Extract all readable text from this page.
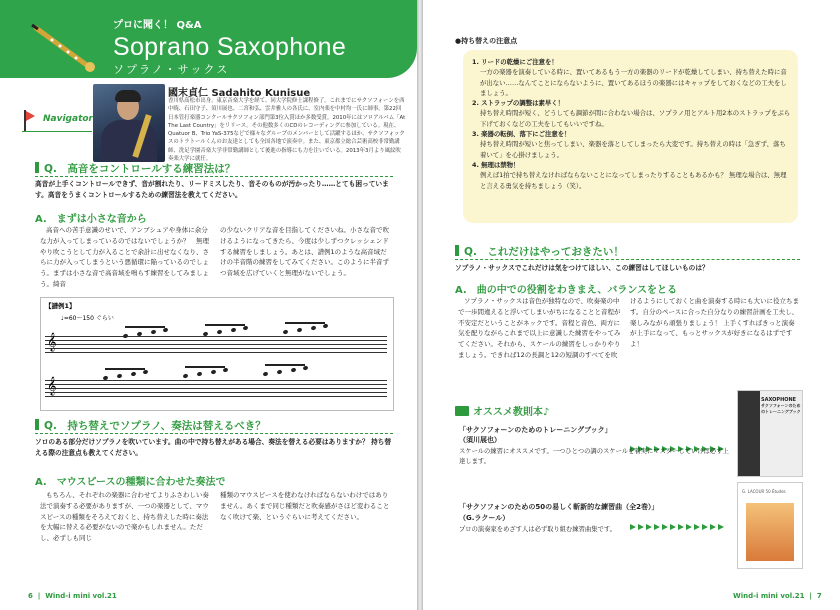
プロに聞く！ Q&A
Soprano Saxophone
ソプラノ・サックス
Navigator
國末貞仁 Sadahito Kunisue
香川県高松市出身。東京音楽大学を経て、同大学院修士課程修了。これまでにサクソフォーンを西中暁、石田守子、須川展也、二宮和弘、雲井雅人の各氏に、室内楽を中村均一氏に師事。第22回日本管打楽器コンクールサクソフォン部門第3位入賞ほか多数受賞。2010年にはソロアルバム「At The Last Country」をリリース。その他数多くのCDのレコーディングに参加している。現在、Quatuor B、Trio YaS-375などで様々なグループのメンバーとして活躍するほか、サクソフォックスのトラトールくんのお友達としても全国各地で演奏中。また、東京都立総合芸術高校非常勤講師、洗足学園音楽大学非常勤講師として後進の指導にも力を注いでいる。2013年3月より風紋吹奏楽大学に就任。
Q.　高音をコントロールする練習法は？
高音が上手くコントロールできず、音が割れたり、リードミスしたり、音そのものが汚かったり……とても困っています。高音をうまくコントロールするための練習法を教えてください。
A.　まずは小さな音から
高音への苦手意識のせいで、アンブシュアや身体に余分な力が入ってしまっているのではないでしょうか？　無理やり吹こうとして力が入ることで余計に出せなくなり、さらに力が入ってしまうという悪循環に陥っているのでしょう。まずは小さな音で高音域を鳴らす練習をしてみましょう。綺音
の少ないクリアな音を目指してくださいね。小さな音で吹けるようになってきたら、今度は少しずつクレッシェンドする練習をしましょう。あとは、譜例1のような高音域だけの半音階の練習をしてみてください。このように半音ずつ音域を広げていくと無理がないでしょう。
【譜例1】
♩=60～150 ぐらい
𝄞
𝄞
Q.　持ち替えでソプラノ、奏法は替えるべき？
ソロのある部分だけソプラノを吹いています。曲の中で持ち替えがある場合、奏法を替える必要はありますか？ 持ち替える際の注意点も教えてください。
A.　マウスピースの種類に合わせた奏法で
もちろん、それぞれの楽器に合わせてよりふさわしい奏法で演奏する必要がありますが、一つの楽器として、マウスピースの種類をそろえておくと、持ち替えした時に奏法を大幅に替える必要がないので楽かもしれません。ただし、必ずしも同じ
種類のマウスピースを使わなければならないわけではありません。あくまで同じ種類だと吹奏感がさほど変わることなく吹けて楽、というぐらいに考えてください。
6  |  Wind-i mini vol.21
●持ち替えの注意点
1. リードの乾燥にご注意を！
一方の楽器を演奏している時に、置いてあるもう一方の楽器のリードが乾燥してしまい、持ち替えた時に音が出ない……なんてことにならないように、置いてあるほうの楽器にはキャップをしておくなどの工夫をしましょう。
2. ストラップの調整は素早く！
持ち替え時間が短く、どうしても調節が間に合わない場合は、ソプラノ用とアルト用2本のストラップをぶら下げておくなどの工夫をしてもいいですね。
3. 楽器の転倒、落下にご注意を！
持ち替え時間が短いと焦ってしまい、楽器を落としてしまったら大変です。持ち替えの時は「急ぎず、落ち着いて」を心掛けましょう。
4. 無理は禁物！
例えば1拍で持ち替えなければならないことになってしまったりすることもあるかも？ 無理な場合は、無理と言える勇気を持ちましょう（笑）。
Q.　これだけはやっておきたい！
ソプラノ・サックスでこれだけは気をつけてほしい、この練習はしてほしいものは？
A.　曲の中での役割をわきまえ、バランスをとる
ソプラノ・サックスは音色が独特なので、吹奏楽の中で一歩間違えると浮いてしまいがちになることと音程が不安定だということがネックです。音程と音色、両方に気を配りながらこれまで以上に意識した練習をやってみてください。それから、スケールの練習をしっかりやりましょう。できれば12の長調と12の短調のすべてを吹
けるようにしておくと曲を演奏する時にも大いに役立ちます。自分のペースに合った自分なりの練習計画を工夫し、楽しみながら頑張りましょう！ 上手くすればきっと演奏が上手になって、もっとサックスが好きになるはずですよ！
オススメ教則本♪
「サクソフォーンのためのトレーニングブック」
（須川展也）
スケールの練習にオススメです。一つひとつの調のスケールを着実にマスターしていけば必ず上達します。
SAXOPHONE
サクソフォーンのためのトレーニングブック
「サクソフォンのための50の易しく斬新的な練習曲（全2巻）」
（G.ラクール）
プロの演奏家をめざす人は必ず取り組む練習曲集です。
G. LACOUR 50 Études
Wind-i mini vol.21  |  7
